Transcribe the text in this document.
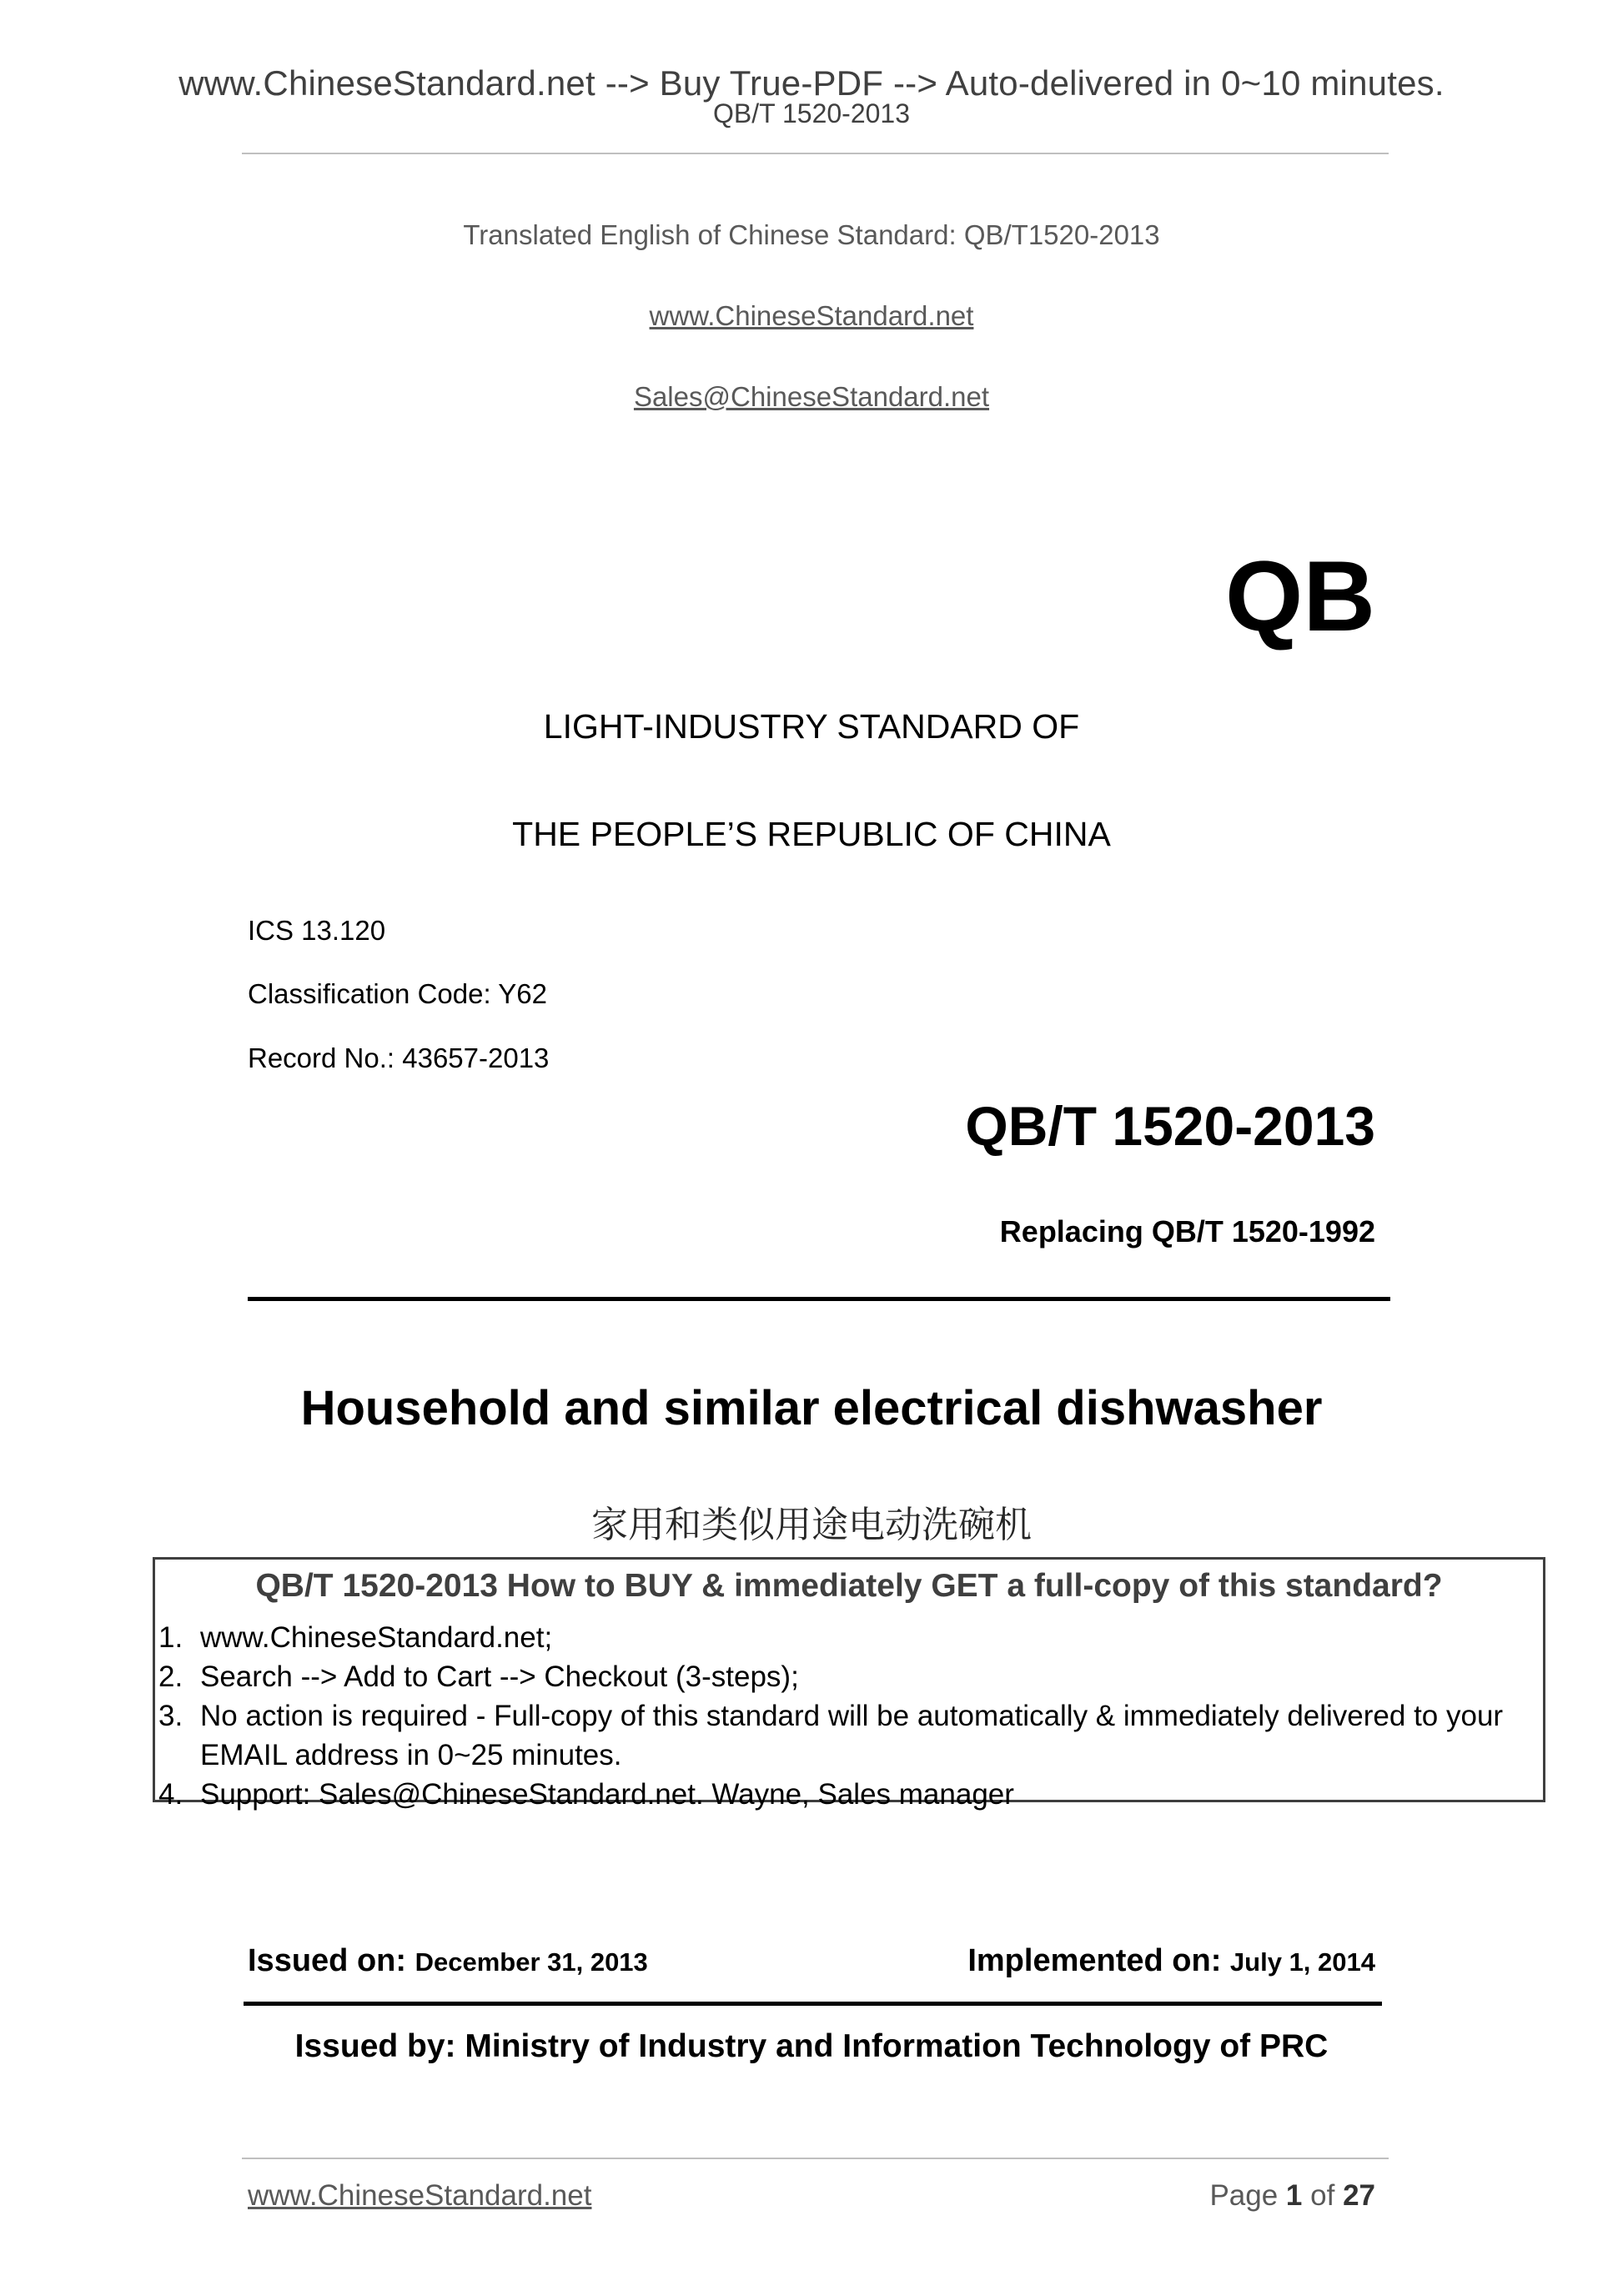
www.ChineseStandard.net --> Buy True-PDF --> Auto-delivered in 0~10 minutes.
QB/T 1520-2013
Translated English of Chinese Standard: QB/T1520-2013
www.ChineseStandard.net
Sales@ChineseStandard.net
QB
LIGHT-INDUSTRY STANDARD OF
THE PEOPLE’S REPUBLIC OF CHINA
ICS 13.120
Classification Code: Y62
Record No.: 43657-2013
QB/T 1520-2013
Replacing QB/T 1520-1992
Household and similar electrical dishwasher
家用和类似用途电动洗碗机
QB/T 1520-2013 How to BUY & immediately GET a full-copy of this standard?
1. www.ChineseStandard.net;
2. Search --> Add to Cart --> Checkout (3-steps);
3. No action is required - Full-copy of this standard will be automatically & immediately delivered to your EMAIL address in 0~25 minutes.
4. Support: Sales@ChineseStandard.net. Wayne, Sales manager
Issued on: December 31, 2013	Implemented on: July 1, 2014
Issued by: Ministry of Industry and Information Technology of PRC
www.ChineseStandard.net	Page 1 of 27
